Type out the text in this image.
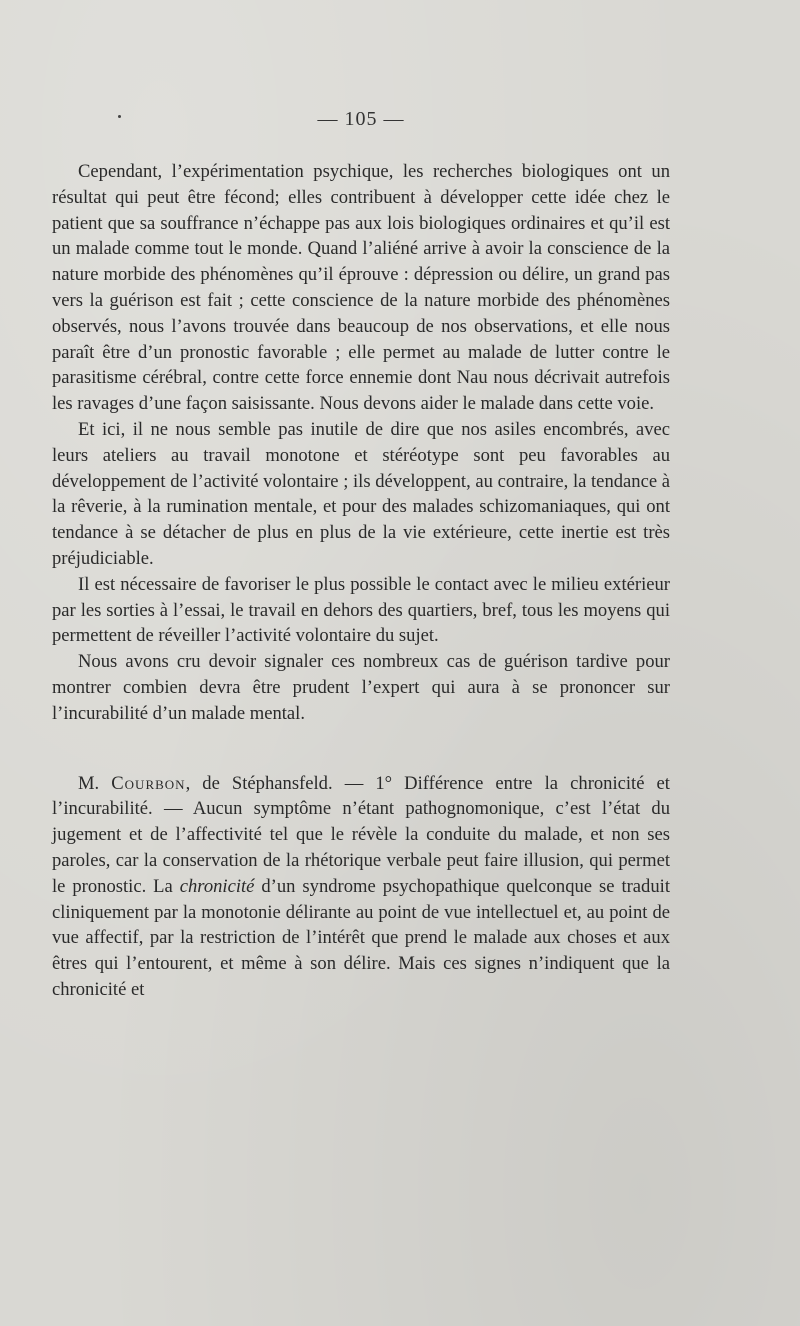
— 105 —

Cependant, l’expérimentation psychique, les recherches biologiques ont un résultat qui peut être fécond; elles contribuent à développer cette idée chez le patient que sa souffrance n’échappe pas aux lois biologiques ordinaires et qu’il est un malade comme tout le monde. Quand l’aliéné arrive à avoir la conscience de la nature morbide des phénomènes qu’il éprouve : dépression ou délire, un grand pas vers la guérison est fait ; cette conscience de la nature morbide des phénomènes observés, nous l’avons trouvée dans beaucoup de nos observations, et elle nous paraît être d’un pronostic favorable ; elle permet au malade de lutter contre le parasitisme cérébral, contre cette force ennemie dont Nau nous décrivait autrefois les ravages d’une façon saisissante. Nous devons aider le malade dans cette voie.

Et ici, il ne nous semble pas inutile de dire que nos asiles encombrés, avec leurs ateliers au travail monotone et stéréotype sont peu favorables au développement de l’activité volontaire ; ils développent, au contraire, la tendance à la rêverie, à la rumination mentale, et pour des malades schizomaniaques, qui ont tendance à se détacher de plus en plus de la vie extérieure, cette inertie est très préjudiciable.

Il est nécessaire de favoriser le plus possible le contact avec le milieu extérieur par les sorties à l’essai, le travail en dehors des quartiers, bref, tous les moyens qui permettent de réveiller l’activité volontaire du sujet.

Nous avons cru devoir signaler ces nombreux cas de guérison tardive pour montrer combien devra être prudent l’expert qui aura à se prononcer sur l’incurabilité d’un malade mental.

M. Courbon, de Stéphansfeld. — 1° Différence entre la chronicité et l’incurabilité. — Aucun symptôme n’étant pathognomonique, c’est l’état du jugement et de l’affectivité tel que le révèle la conduite du malade, et non ses paroles, car la conservation de la rhétorique verbale peut faire illusion, qui permet le pronostic. La chronicité d’un syndrome psychopathique quelconque se traduit cliniquement par la monotonie délirante au point de vue intellectuel et, au point de vue affectif, par la restriction de l’intérêt que prend le malade aux choses et aux êtres qui l’entourent, et même à son délire. Mais ces signes n’indiquent que la chronicité et
